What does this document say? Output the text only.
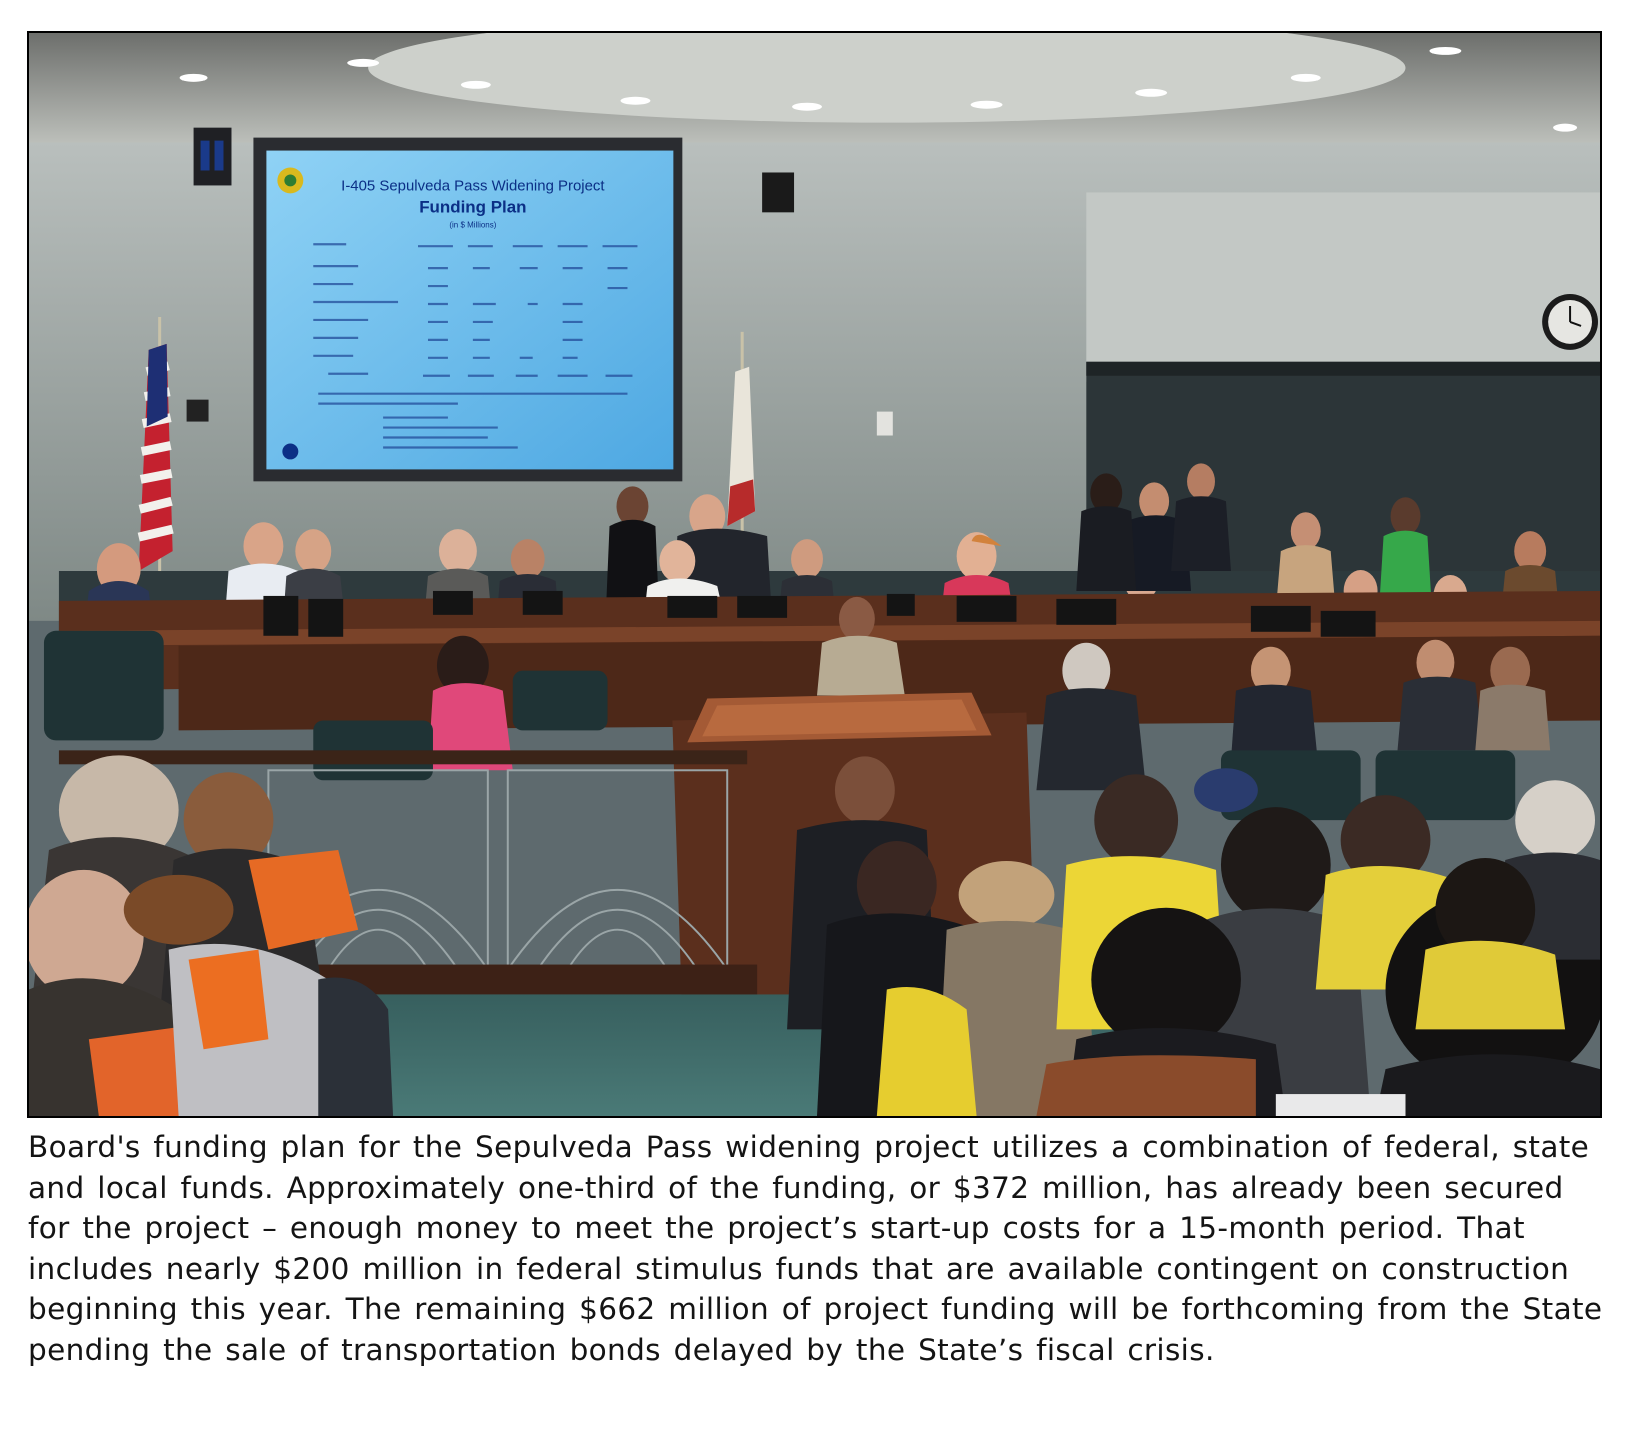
I-405 Sepulveda Pass Widening Project
Funding Plan
(in $ Millions)

Board's funding plan for the Sepulveda Pass widening project utilizes a combination of federal, state and local funds. Approximately one-third of the funding, or $372 million, has already been secured for the project – enough money to meet the project’s start-up costs for a 15-month period. That includes nearly $200 million in federal stimulus funds that are available contingent on construction beginning this year. The remaining $662 million of project funding will be forthcoming from the State pending the sale of transportation bonds delayed by the State’s fiscal crisis.
